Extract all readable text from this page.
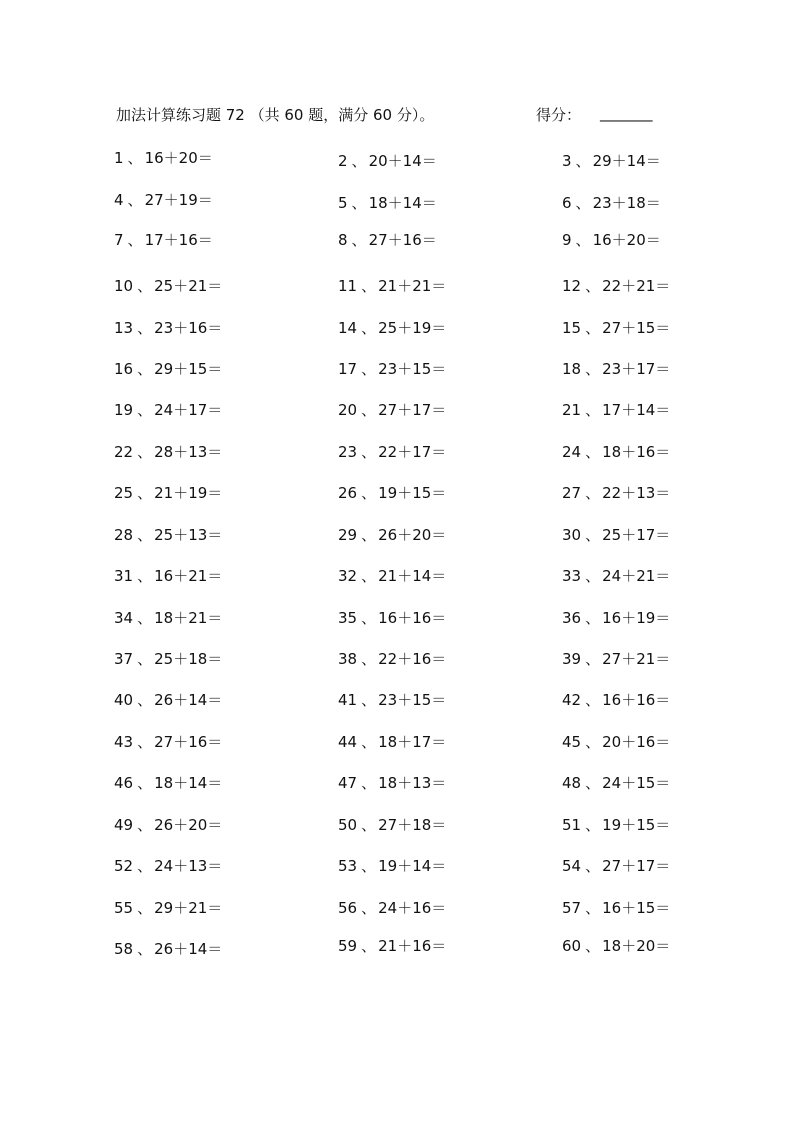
加法计算练习题 72 （共 60 题，满分 60 分）。	得分： _______
1 、 16＋20＝	2 、 20＋14＝	3 、 29＋14＝
4 、 27＋19＝	5 、 18＋14＝	6 、 23＋18＝
7 、 17＋16＝	8 、 27＋16＝	9 、 16＋20＝
10 、 25＋21＝	11 、 21＋21＝	12 、 22＋21＝
13 、 23＋16＝	14 、 25＋19＝	15 、 27＋15＝
16 、 29＋15＝	17 、 23＋15＝	18 、 23＋17＝
19 、 24＋17＝	20 、 27＋17＝	21 、 17＋14＝
22 、 28＋13＝	23 、 22＋17＝	24 、 18＋16＝
25 、 21＋19＝	26 、 19＋15＝	27 、 22＋13＝
28 、 25＋13＝	29 、 26＋20＝	30 、 25＋17＝
31 、 16＋21＝	32 、 21＋14＝	33 、 24＋21＝
34 、 18＋21＝	35 、 16＋16＝	36 、 16＋19＝
37 、 25＋18＝	38 、 22＋16＝	39 、 27＋21＝
40 、 26＋14＝	41 、 23＋15＝	42 、 16＋16＝
43 、 27＋16＝	44 、 18＋17＝	45 、 20＋16＝
46 、 18＋14＝	47 、 18＋13＝	48 、 24＋15＝
49 、 26＋20＝	50 、 27＋18＝	51 、 19＋15＝
52 、 24＋13＝	53 、 19＋14＝	54 、 27＋17＝
55 、 29＋21＝	56 、 24＋16＝	57 、 16＋15＝
58 、 26＋14＝	59 、 21＋16＝	60 、 18＋20＝
